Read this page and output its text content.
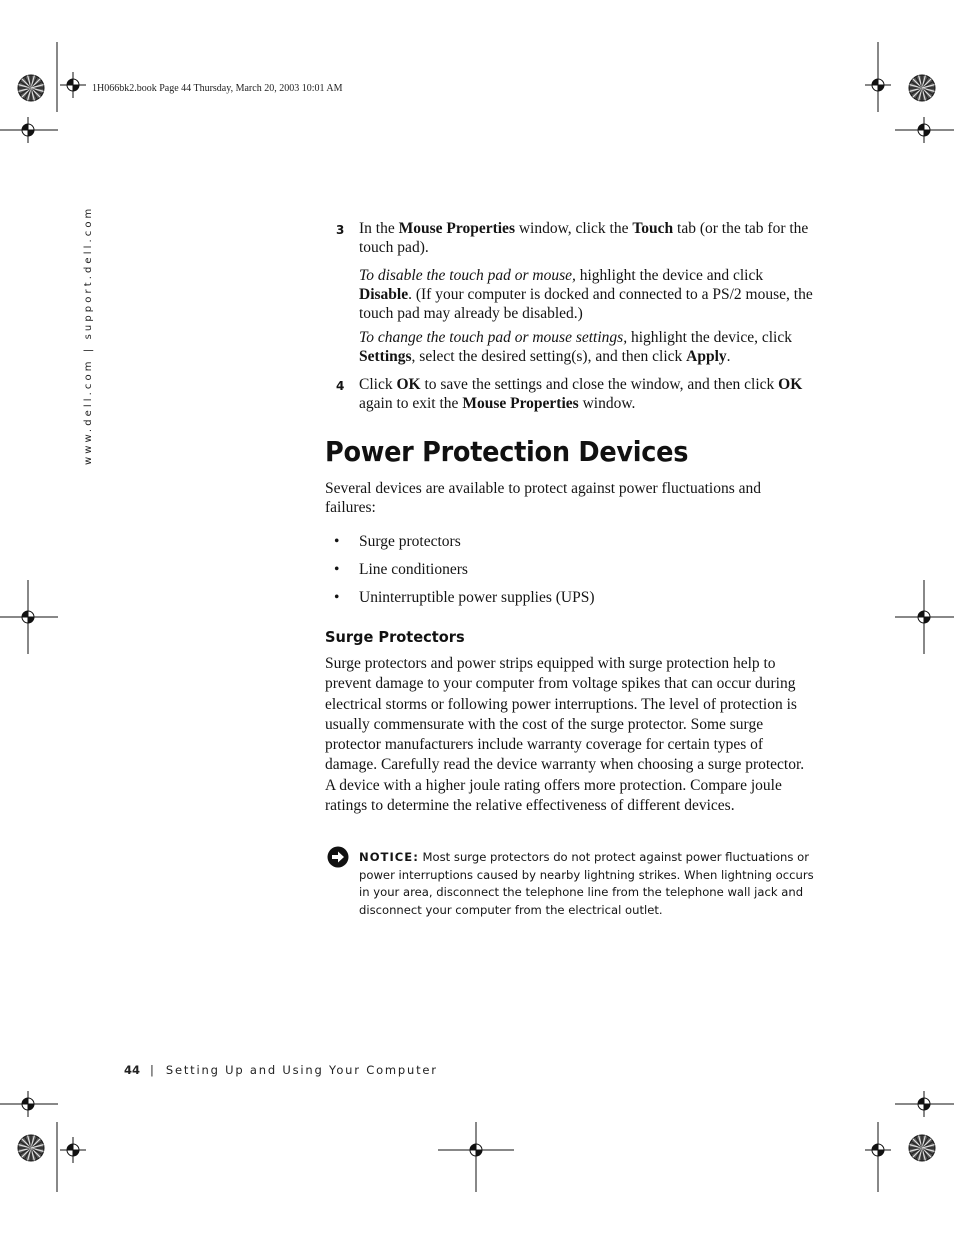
1H066bk2.book Page 44 Thursday, March 20, 2003 10:01 AM
www.dell.com | support.dell.com	3 In the Mouse Properties window, click the Touch tab (or the tab for the touch pad).
To disable the touch pad or mouse, highlight the device and click Disable. (If your computer is docked and connected to a PS/2 mouse, the touch pad may already be disabled.)
To change the touch pad or mouse settings, highlight the device, click Settings, select the desired setting(s), and then click Apply.
4 Click OK to save the settings and close the window, and then click OK again to exit the Mouse Properties window.
Power Protection Devices
Several devices are available to protect against power fluctuations and failures:
• Surge protectors
• Line conditioners
• Uninterruptible power supplies (UPS)
Surge Protectors
Surge protectors and power strips equipped with surge protection help to prevent damage to your computer from voltage spikes that can occur during electrical storms or following power interruptions. The level of protection is usually commensurate with the cost of the surge protector. Some surge protector manufacturers include warranty coverage for certain types of damage. Carefully read the device warranty when choosing a surge protector. A device with a higher joule rating offers more protection. Compare joule ratings to determine the relative effectiveness of different devices.
NOTICE: Most surge protectors do not protect against power fluctuations or power interruptions caused by nearby lightning strikes. When lightning occurs in your area, disconnect the telephone line from the telephone wall jack and disconnect your computer from the electrical outlet.
44 | Setting Up and Using Your Computer
